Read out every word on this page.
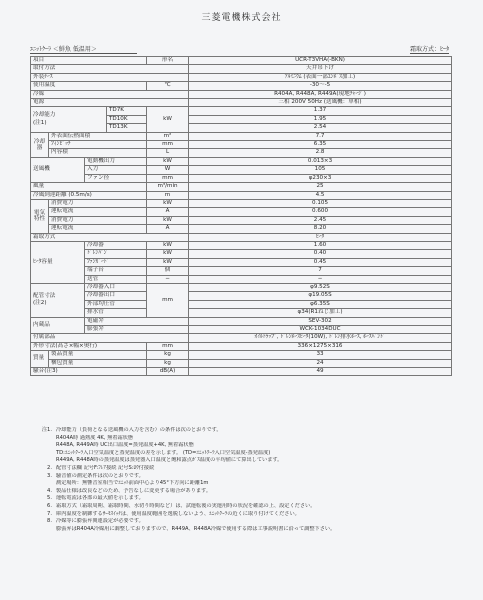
三菱電機株式会社
ﾕﾆｯﾄｸｰﾗ ＜鮮魚 低温用＞	霜取方式：ﾋｰﾀ
項目				形名	UCR-T3VHA(-BKN)
取付方法					天井吊下げ
外装ｹｰｽ					ｱﾙﾐﾆｳﾑ (表面一部ｴﾝﾎﾞｽ加工)
使用温度				℃	-30～-5
冷媒					R404A, R448A, R449A(現地ﾁｬｰｼﾞ)
電源					三相 200V 50Hz (送風機：単相)
冷却能力
(注1)			TD7K	kW	1.37
			TD10K		1.95
			TD13K		2.54
冷却器	外表面伝熱面積			m²	7.7
	ﾌｨﾝﾋﾟｯﾁ			mm	6.35
	内容積			L	2.8
送風機		電動機出力		kW	0.013×3
		入力		W	105
		ファン径		mm	φ230×3
風量				m³/min	25
冷風到達距離 (0.5m/s)				m	4.5
電気特性	消費電力			kW	0.105
	運転電流			A	0.600
	消費電力			kW	2.45
	運転電流			A	8.20
霜取方式					ﾋｰﾀ
ﾋｰﾀ容量		冷却器		kW	1.60
		ﾄﾞﾚﾝﾊﾟﾝ		kW	0.40
		ﾌｧﾝｶﾞｰﾄﾞ		kW	0.45
		端子台		個	7
		送管		─	─
配管寸法
(注2)		冷却器入口		mm	φ9.52S
		冷却器出口			φ19.05S
		外部均圧管			φ6.35S
		排水管			φ34(R1ねじ加工)
内蔵品		電磁弁			SEV-302
		膨張弁			WCK-1034DUC
付属部品					ｵｲﾙﾄﾗｯﾌﾟ, ﾄﾞﾚﾝﾎｰｽﾋｰﾀ(10W), ﾄﾞﾚﾝ排水ﾎｰｽ, ﾎｰｽﾊﾞﾝﾄﾞ
外形寸法(高さ×幅×奥行)				mm	336×1275×316
質量	製品質量			kg	33
	梱包質量			kg	24
騒音(注3)				dB(A)	49
注1. 冷却能力（負荷となる送風機の入力を含む）の条件は次のとおりです。
R404A時 過熱度 4K, 無着霜状態
R448A, R449A時 UC出口温度=蒸発温度+4K, 無着霜状態
TD:ﾕﾆｯﾄｸｰﾗ入口空気温度と蒸発温度の差を示します。 (TD=ﾕﾆｯﾄｸｰﾗ入口空気温度-蒸発温度)
R449A, R448A時の蒸発温度は蒸発器入口温度と飽和露点ｶﾞｽ温度の平均値にて算出しています。
2. 配管寸法欄 記号F:ﾌﾚｱ接続 記号S:ﾛｳ付接続
3. 騒音値の測定条件は次のとおりです。
測定場所：無響音室相当でﾕﾆｯﾄ前面中心より45°下方向に距離1m
4. 製品仕様は改良などのため、予告なしに変更する場合があります。
5. 運転電流は各部の最大値を示します。
6. 霜取方式（霜取周期、霜取時間、水切り時間など）は、試運転後の実運用時の状況を確認の上、設定ください。
7. 庫内温度を制御するｻｰﾓｽｲｯﾁは、使用温度範囲を逸脱しないよう、ﾕﾆｯﾄｸｰﾗの近くに取り付けてください。
8. 冷媒等に膨張弁関連設定が必要です。
膨張弁はR404A冷媒用に調整しておりますので、R449A、R448A冷媒で使用する際は工事説明書に沿って調整下さい。
